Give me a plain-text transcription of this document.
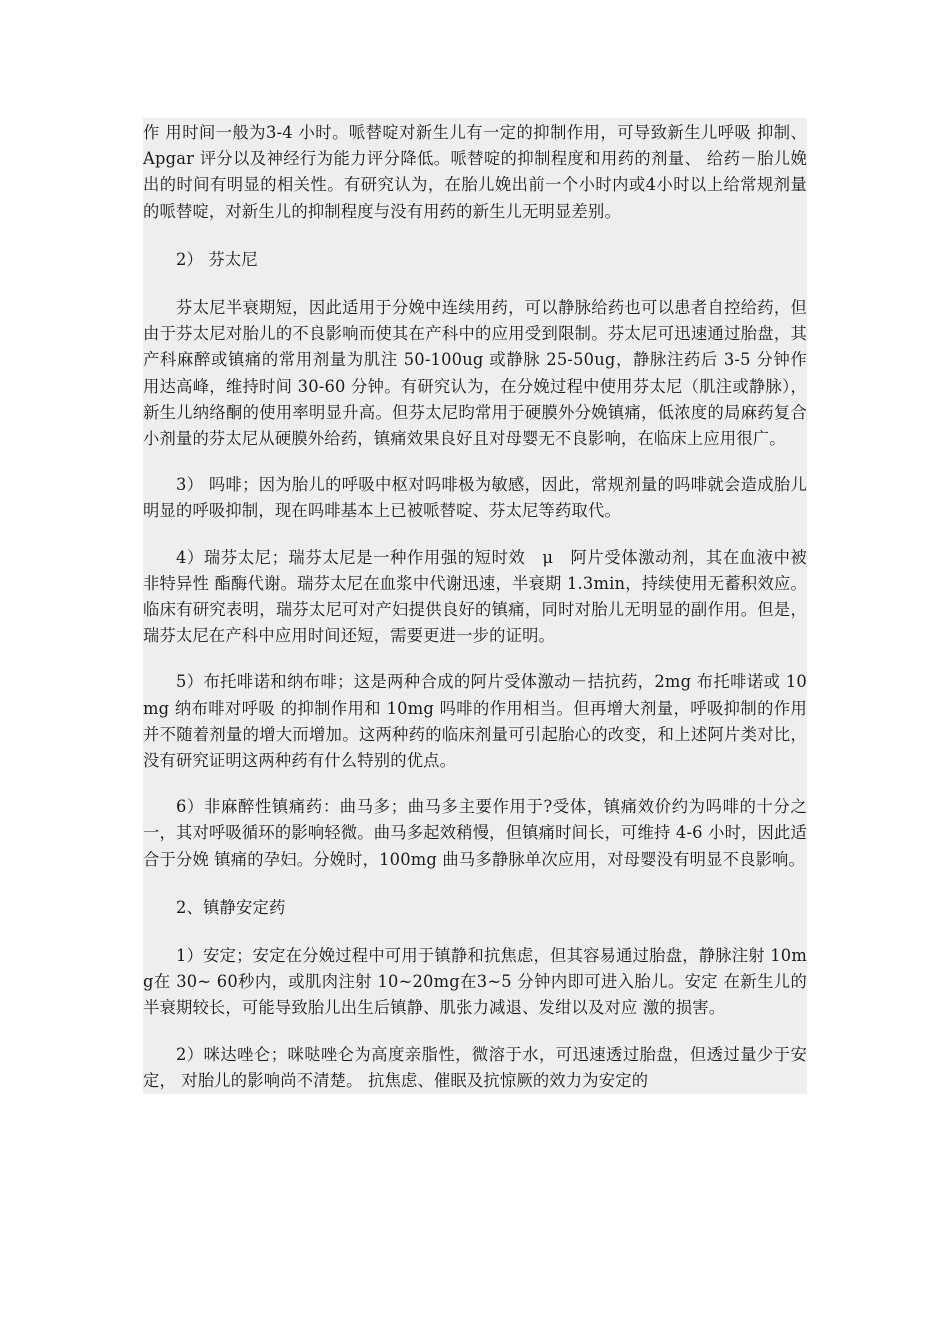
作 用时间一般为3-4 小时。哌替啶对新生儿有一定的抑制作用，可导致新生儿呼吸 抑制、Apgar 评分以及神经行为能力评分降低。哌替啶的抑制程度和用药的剂量、 给药－胎儿娩出的时间有明显的相关性。有研究认为，在胎儿娩出前一个小时内或4小时以上给常规剂量的哌替啶，对新生儿的抑制程度与没有用药的新生儿无明显差别。

2） 芬太尼

芬太尼半衰期短，因此适用于分娩中连续用药，可以静脉给药也可以患者自控给药，但由于芬太尼对胎儿的不良影响而使其在产科中的应用受到限制。芬太尼可迅速通过胎盘，其产科麻醉或镇痛的常用剂量为肌注 50-100ug 或静脉 25-50ug，静脉注药后 3-5 分钟作用达高峰，维持时间 30-60 分钟。有研究认为，在分娩过程中使用芬太尼（肌注或静脉），新生儿纳络酮的使用率明显升高。但芬太尼昀常用于硬膜外分娩镇痛，低浓度的局麻药复合小剂量的芬太尼从硬膜外给药，镇痛效果良好且对母婴无不良影响，在临床上应用很广。

3） 吗啡；因为胎儿的呼吸中枢对吗啡极为敏感，因此，常规剂量的吗啡就会造成胎儿明显的呼吸抑制，现在吗啡基本上已被哌替啶、芬太尼等药取代。

4）瑞芬太尼；瑞芬太尼是一种作用强的短时效　μ　阿片受体激动剂，其在血液中被非特异性 酯酶代谢。瑞芬太尼在血浆中代谢迅速，半衰期 1.3min，持续使用无蓄积效应。 临床有研究表明，瑞芬太尼可对产妇提供良好的镇痛，同时对胎儿无明显的副作用。但是，瑞芬太尼在产科中应用时间还短，需要更进一步的证明。

5）布托啡诺和纳布啡；这是两种合成的阿片受体激动－拮抗药，2mg 布托啡诺或 10mg 纳布啡对呼吸 的抑制作用和 10mg 吗啡的作用相当。但再增大剂量，呼吸抑制的作用并不随着剂量的增大而增加。这两种药的临床剂量可引起胎心的改变，和上述阿片类对比，没有研究证明这两种药有什么特别的优点。

6）非麻醉性镇痛药：曲马多；曲马多主要作用于?受体，镇痛效价约为吗啡的十分之一，其对呼吸循环的影响轻微。曲马多起效稍慢，但镇痛时间长，可维持 4-6 小时，因此适合于分娩 镇痛的孕妇。分娩时，100mg 曲马多静脉单次应用，对母婴没有明显不良影响。

2、镇静安定药

1）安定；安定在分娩过程中可用于镇静和抗焦虑，但其容易通过胎盘，静脉注射 10mg在 30~ 60秒内，或肌肉注射 10~20mg在3~5 分钟内即可进入胎儿。安定 在新生儿的半衰期较长，可能导致胎儿出生后镇静、肌张力减退、发绀以及对应 激的损害。

2）咪达唑仑；咪哒唑仑为高度亲脂性，微溶于水，可迅速透过胎盘，但透过量少于安定， 对胎儿的影响尚不清楚。 抗焦虑、催眠及抗惊厥的效力为安定的
